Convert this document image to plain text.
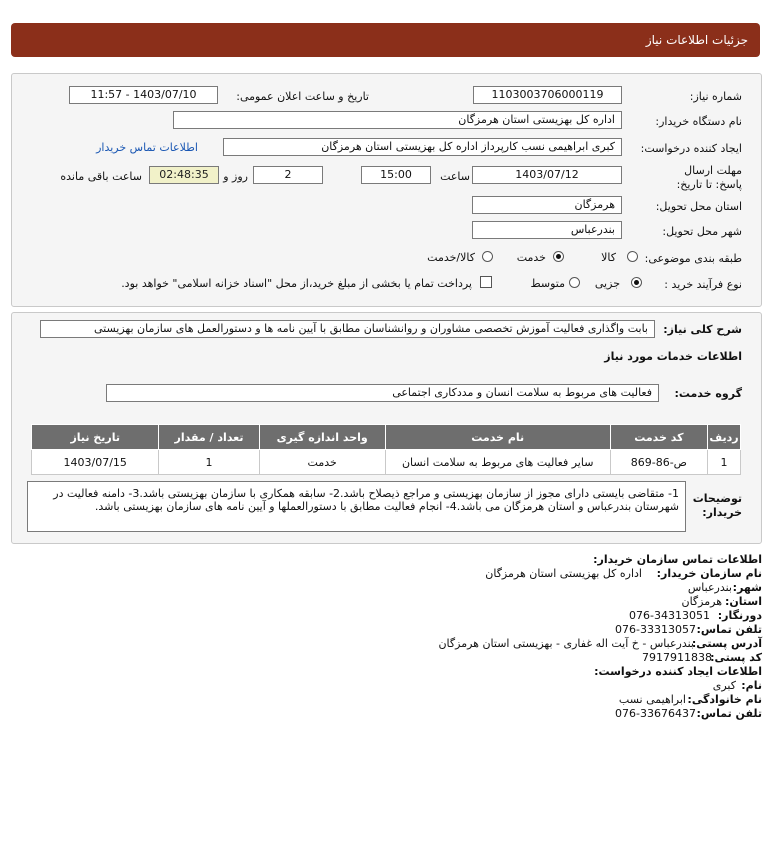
جزئیات اطلاعات نیاز
شماره نیاز:
1103003706000119
تاریخ و ساعت اعلان عمومی:
1403/07/10 - 11:57
نام دستگاه خریدار:
اداره کل بهزیستی استان هرمزگان
ایجاد کننده درخواست:
کبری ابراهیمی نسب کارپرداز اداره کل بهزیستی استان هرمزگان
اطلاعات تماس خریدار
مهلت ارسال پاسخ: تا تاریخ:
1403/07/12
ساعت
15:00
2
روز و
02:48:35
ساعت باقی مانده
استان محل تحویل:
هرمزگان
شهر محل تحویل:
بندرعباس
طبقه بندی موضوعی:
کالا
خدمت
کالا/خدمت
نوع فرآیند خرید :
جزیی
متوسط
پرداخت تمام یا بخشی از مبلغ خرید،از محل "اسناد خزانه اسلامی" خواهد بود.
شرح کلی نیاز:
بابت واگذاری فعالیت آموزش تخصصی مشاوران و روانشناسان مطابق با آیین نامه ها و دستورالعمل های سازمان بهزیستی
اطلاعات خدمات مورد نیاز
گروه خدمت:
فعالیت های مربوط به سلامت انسان و مددکاری اجتماعی
ردیف	کد خدمت	نام خدمت	واحد اندازه گیری	تعداد / مقدار	تاریخ نیاز
1	ص-86-869	سایر فعالیت های مربوط به سلامت انسان	خدمت	1	1403/07/15
توضیحات خریدار:
1- متقاضی بایستی دارای مجوز از سازمان بهزیستی و مراجع ذیصلاح باشد.2- سابقه همکاری با سازمان بهزیستی باشد.3- دامنه فعالیت در شهرستان بندرعباس و استان هرمزگان می باشد.4- انجام فعالیت مطابق با دستورالعملها و آیین نامه های سازمان بهزیستی باشد.
اطلاعات تماس سازمان خریدار:
نام سازمان خریدار:
اداره کل بهزیستی استان هرمزگان
شهر:
بندرعباس
استان:
هرمزگان
دورنگار:
076-34313051
تلفن تماس:
076-33313057
آدرس پستی:
بندرعباس - خ آیت اله غفاری - بهزیستی استان هرمزگان
کد پستی:
7917911838
اطلاعات ایجاد کننده درخواست:
نام:
کبری
نام خانوادگی:
ابراهیمی نسب
تلفن تماس:
076-33676437
